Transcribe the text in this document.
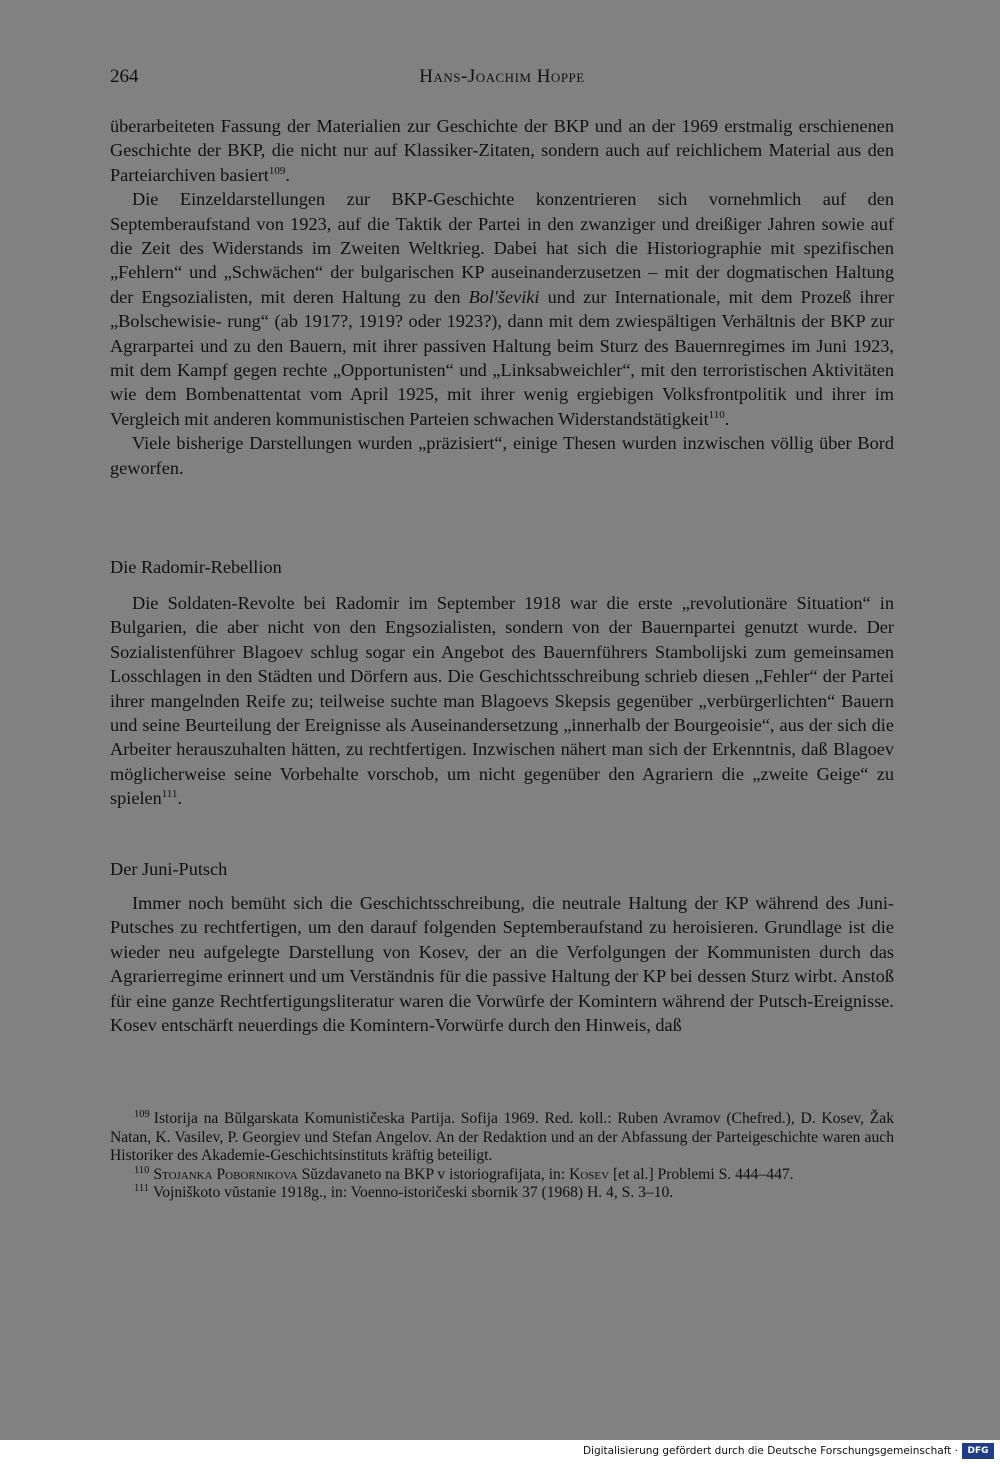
264	Hans-Joachim Hoppe

überarbeiteten Fassung der Materialien zur Geschichte der BKP und an der 1969 erstmalig erschienenen Geschichte der BKP, die nicht nur auf Klassiker-Zitaten, sondern auch auf reichlichem Material aus den Parteiarchiven basiert$^{109}$.

Die Einzeldarstellungen zur BKP-Geschichte konzentrieren sich vornehmlich auf den Septemberaufstand von 1923, auf die Taktik der Partei in den zwanziger und dreißiger Jahren sowie auf die Zeit des Widerstands im Zweiten Weltkrieg. Dabei hat sich die Historiographie mit spezifischen „Fehlern“ und „Schwächen“ der bulgarischen KP auseinanderzusetzen – mit der dogmatischen Haltung der Engsozialisten, mit deren Haltung zu den Bol'ševiki und zur Internationale, mit dem Prozeß ihrer „Bolschewisie- rung“ (ab 1917?, 1919? oder 1923?), dann mit dem zwiespältigen Verhältnis der BKP zur Agrarpartei und zu den Bauern, mit ihrer passiven Haltung beim Sturz des Bauernregimes im Juni 1923, mit dem Kampf gegen rechte „Opportunisten“ und „Linksabweichler“, mit den terroristischen Aktivitäten wie dem Bombenattentat vom April 1925, mit ihrer wenig ergiebigen Volksfrontpolitik und ihrer im Vergleich mit anderen kommunistischen Parteien schwachen Widerstandstätigkeit$^{110}$.

Viele bisherige Darstellungen wurden „präzisiert“, einige Thesen wurden inzwischen völlig über Bord geworfen.

Die Radomir-Rebellion

Die Soldaten-Revolte bei Radomir im September 1918 war die erste „revolutionäre Situation“ in Bulgarien, die aber nicht von den Engsozialisten, sondern von der Bauernpartei genutzt wurde. Der Sozialistenführer Blagoev schlug sogar ein Angebot des Bauernführers Stambolijski zum gemeinsamen Losschlagen in den Städten und Dörfern aus. Die Geschichtsschreibung schrieb diesen „Fehler“ der Partei ihrer mangelnden Reife zu; teilweise suchte man Blagoevs Skepsis gegenüber „verbürgerlichten“ Bauern und seine Beurteilung der Ereignisse als Auseinandersetzung „innerhalb der Bourgeoisie“, aus der sich die Arbeiter herauszuhalten hätten, zu rechtfertigen. Inzwischen nähert man sich der Erkenntnis, daß Blagoev möglicherweise seine Vorbehalte vorschob, um nicht gegenüber den Agrariern die „zweite Geige“ zu spielen$^{111}$.

Der Juni-Putsch

Immer noch bemüht sich die Geschichtsschreibung, die neutrale Haltung der KP während des Juni-Putsches zu rechtfertigen, um den darauf folgenden Septemberaufstand zu heroisieren. Grundlage ist die wieder neu aufgelegte Darstellung von Kosev, der an die Verfolgungen der Kommunisten durch das Agrarierregime erinnert und um Verständnis für die passive Haltung der KP bei dessen Sturz wirbt. Anstoß für eine ganze Rechtfertigungsliteratur waren die Vorwürfe der Komintern während der Putsch-Ereignisse. Kosev entschärft neuerdings die Komintern-Vorwürfe durch den Hinweis, daß

$^{109}$ Istorija na Bŭlgarskata Komunističeska Partija. Sofija 1969. Red. koll.: Ruben Avramov (Chefred.), D. Kosev, Žak Natan, K. Vasilev, P. Georgiev und Stefan Angelov. An der Redaktion und an der Abfassung der Parteigeschichte waren auch Historiker des Akademie-Geschichtsinstituts kräftig beteiligt.

$^{110}$ Stojanka Pobornikova Sŭzdavaneto na BKP v istoriografijata, in: Kosev [et al.] Problemi S. 444–447.

$^{111}$ Vojniškoto vŭstanie 1918g., in: Voenno-istoričeski sbornik 37 (1968) H. 4, S. 3–10.

Digitalisierung gefördert durch die Deutsche Forschungsgemeinschaft ·	DFG
